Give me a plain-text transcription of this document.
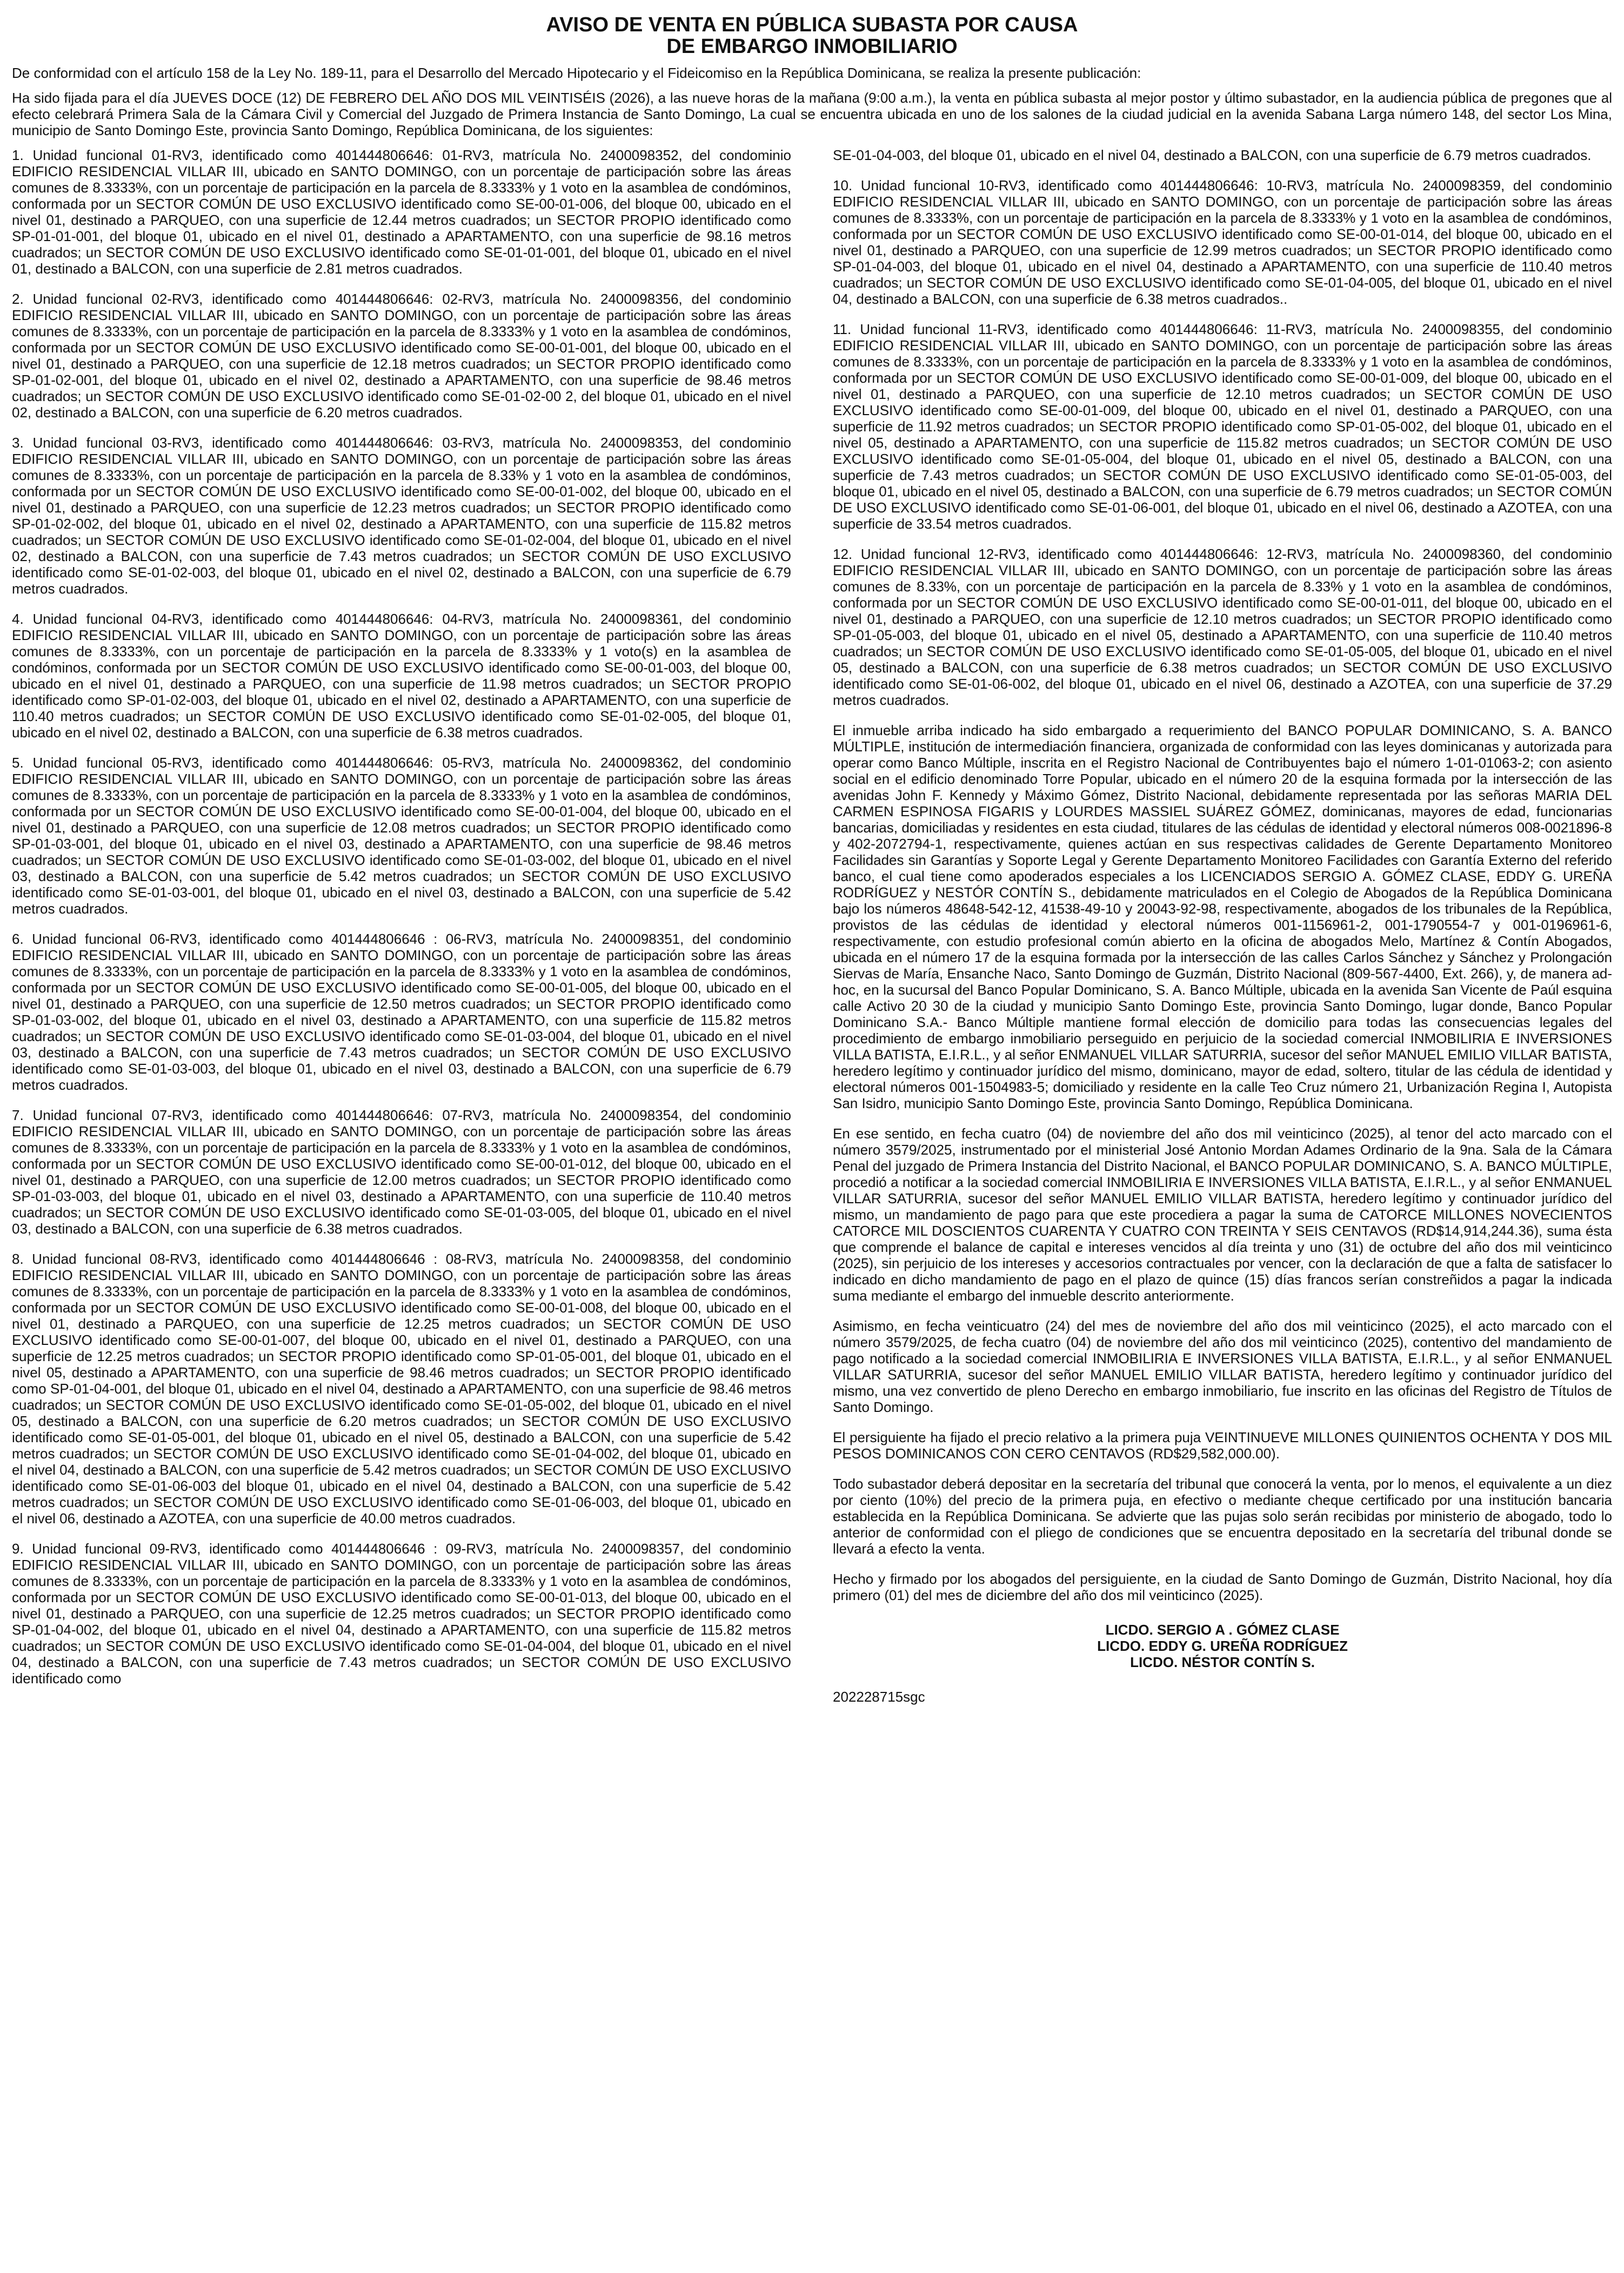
AVISO DE VENTA EN PÚBLICA SUBASTA POR CAUSA
DE EMBARGO INMOBILIARIO
De conformidad con el artículo 158 de la Ley No. 189-11, para el Desarrollo del Mercado Hipotecario y el Fideicomiso en la República Dominicana, se realiza la presente publicación:
Ha sido fijada para el día JUEVES DOCE (12) DE FEBRERO DEL AÑO DOS MIL VEINTISÉIS (2026), a las nueve horas de la mañana (9:00 a.m.), la venta en pública subasta al mejor postor y último subastador, en la audiencia pública de pregones que al efecto celebrará Primera Sala de la Cámara Civil y Comercial del Juzgado de Primera Instancia de Santo Domingo, La cual se encuentra ubicada en uno de los salones de la ciudad judicial en la avenida Sabana Larga número 148, del sector Los Mina, municipio de Santo Domingo Este, provincia Santo Domingo, República Dominicana, de los siguientes:
1. Unidad funcional 01-RV3, identificado como 401444806646: 01-RV3, matrícula No. 2400098352, del condominio EDIFICIO RESIDENCIAL VILLAR III, ubicado en SANTO DOMINGO, con un porcentaje de participación sobre las áreas comunes de 8.3333%, con un porcentaje de participación en la parcela de 8.3333% y 1 voto en la asamblea de condóminos, conformada por un SECTOR COMÚN DE USO EXCLUSIVO identificado como SE-00-01-006, del bloque 00, ubicado en el nivel 01, destinado a PARQUEO, con una superficie de 12.44 metros cuadrados; un SECTOR PROPIO identificado como SP-01-01-001, del bloque 01, ubicado en el nivel 01, destinado a APARTAMENTO, con una superficie de 98.16 metros cuadrados; un SECTOR COMÚN DE USO EXCLUSIVO identificado como SE-01-01-001, del bloque 01, ubicado en el nivel 01, destinado a BALCON, con una superficie de 2.81 metros cuadrados.
2. Unidad funcional 02-RV3, identificado como 401444806646: 02-RV3, matrícula No. 2400098356, del condominio EDIFICIO RESIDENCIAL VILLAR III, ubicado en SANTO DOMINGO, con un porcentaje de participación sobre las áreas comunes de 8.3333%, con un porcentaje de participación en la parcela de 8.3333% y 1 voto en la asamblea de condóminos, conformada por un SECTOR COMÚN DE USO EXCLUSIVO identificado como SE-00-01-001, del bloque 00, ubicado en el nivel 01, destinado a PARQUEO, con una superficie de 12.18 metros cuadrados; un SECTOR PROPIO identificado como SP-01-02-001, del bloque 01, ubicado en el nivel 02, destinado a APARTAMENTO, con una superficie de 98.46 metros cuadrados; un SECTOR COMÚN DE USO EXCLUSIVO identificado como SE-01-02-00 2, del bloque 01, ubicado en el nivel 02, destinado a BALCON, con una superficie de 6.20 metros cuadrados.
3. Unidad funcional 03-RV3, identificado como 401444806646: 03-RV3, matrícula No. 2400098353, del condominio EDIFICIO RESIDENCIAL VILLAR III, ubicado en SANTO DOMINGO, con un porcentaje de participación sobre las áreas comunes de 8.3333%, con un porcentaje de participación en la parcela de 8.33% y 1 voto en la asamblea de condóminos, conformada por un SECTOR COMÚN DE USO EXCLUSIVO identificado como SE-00-01-002, del bloque 00, ubicado en el nivel 01, destinado a PARQUEO, con una superficie de 12.23 metros cuadrados; un SECTOR PROPIO identificado como SP-01-02-002, del bloque 01, ubicado en el nivel 02, destinado a APARTAMENTO, con una superficie de 115.82 metros cuadrados; un SECTOR COMÚN DE USO EXCLUSIVO identificado como SE-01-02-004, del bloque 01, ubicado en el nivel 02, destinado a BALCON, con una superficie de 7.43 metros cuadrados; un SECTOR COMÚN DE USO EXCLUSIVO identificado como SE-01-02-003, del bloque 01, ubicado en el nivel 02, destinado a BALCON, con una superficie de 6.79 metros cuadrados.
4. Unidad funcional 04-RV3, identificado como 401444806646: 04-RV3, matrícula No. 2400098361, del condominio EDIFICIO RESIDENCIAL VILLAR III, ubicado en SANTO DOMINGO, con un porcentaje de participación sobre las áreas comunes de 8.3333%, con un porcentaje de participación en la parcela de 8.3333% y 1 voto(s) en la asamblea de condóminos, conformada por un SECTOR COMÚN DE USO EXCLUSIVO identificado como SE-00-01-003, del bloque 00, ubicado en el nivel 01, destinado a PARQUEO, con una superficie de 11.98 metros cuadrados; un SECTOR PROPIO identificado como SP-01-02-003, del bloque 01, ubicado en el nivel 02, destinado a APARTAMENTO, con una superficie de 110.40 metros cuadrados; un SECTOR COMÚN DE USO EXCLUSIVO identificado como SE-01-02-005, del bloque 01, ubicado en el nivel 02, destinado a BALCON, con una superficie de 6.38 metros cuadrados.
5. Unidad funcional 05-RV3, identificado como 401444806646: 05-RV3, matrícula No. 2400098362, del condominio EDIFICIO RESIDENCIAL VILLAR III, ubicado en SANTO DOMINGO, con un porcentaje de participación sobre las áreas comunes de 8.3333%, con un porcentaje de participación en la parcela de 8.3333% y 1 voto en la asamblea de condóminos, conformada por un SECTOR COMÚN DE USO EXCLUSIVO identificado como SE-00-01-004, del bloque 00, ubicado en el nivel 01, destinado a PARQUEO, con una superficie de 12.08 metros cuadrados; un SECTOR PROPIO identificado como SP-01-03-001, del bloque 01, ubicado en el nivel 03, destinado a APARTAMENTO, con una superficie de 98.46 metros cuadrados; un SECTOR COMÚN DE USO EXCLUSIVO identificado como SE-01-03-002, del bloque 01, ubicado en el nivel 03, destinado a BALCON, con una superficie de 5.42 metros cuadrados; un SECTOR COMÚN DE USO EXCLUSIVO identificado como SE-01-03-001, del bloque 01, ubicado en el nivel 03, destinado a BALCON, con una superficie de 5.42 metros cuadrados.
6. Unidad funcional 06-RV3, identificado como 401444806646 : 06-RV3, matrícula No. 2400098351, del condominio EDIFICIO RESIDENCIAL VILLAR III, ubicado en SANTO DOMINGO, con un porcentaje de participación sobre las áreas comunes de 8.3333%, con un porcentaje de participación en la parcela de 8.3333% y 1 voto en la asamblea de condóminos, conformada por un SECTOR COMÚN DE USO EXCLUSIVO identificado como SE-00-01-005, del bloque 00, ubicado en el nivel 01, destinado a PARQUEO, con una superficie de 12.50 metros cuadrados; un SECTOR PROPIO identificado como SP-01-03-002, del bloque 01, ubicado en el nivel 03, destinado a APARTAMENTO, con una superficie de 115.82 metros cuadrados; un SECTOR COMÚN DE USO EXCLUSIVO identificado como SE-01-03-004, del bloque 01, ubicado en el nivel 03, destinado a BALCON, con una superficie de 7.43 metros cuadrados; un SECTOR COMÚN DE USO EXCLUSIVO identificado como SE-01-03-003, del bloque 01, ubicado en el nivel 03, destinado a BALCON, con una superficie de 6.79 metros cuadrados.
7. Unidad funcional 07-RV3, identificado como 401444806646: 07-RV3, matrícula No. 2400098354, del condominio EDIFICIO RESIDENCIAL VILLAR III, ubicado en SANTO DOMINGO, con un porcentaje de participación sobre las áreas comunes de 8.3333%, con un porcentaje de participación en la parcela de 8.3333% y 1 voto en la asamblea de condóminos, conformada por un SECTOR COMÚN DE USO EXCLUSIVO identificado como SE-00-01-012, del bloque 00, ubicado en el nivel 01, destinado a PARQUEO, con una superficie de 12.00 metros cuadrados; un SECTOR PROPIO identificado como SP-01-03-003, del bloque 01, ubicado en el nivel 03, destinado a APARTAMENTO, con una superficie de 110.40 metros cuadrados; un SECTOR COMÚN DE USO EXCLUSIVO identificado como SE-01-03-005, del bloque 01, ubicado en el nivel 03, destinado a BALCON, con una superficie de 6.38 metros cuadrados.
8. Unidad funcional 08-RV3, identificado como 401444806646 : 08-RV3, matrícula No. 2400098358, del condominio EDIFICIO RESIDENCIAL VILLAR III, ubicado en SANTO DOMINGO, con un porcentaje de participación sobre las áreas comunes de 8.3333%, con un porcentaje de participación en la parcela de 8.3333% y 1 voto en la asamblea de condóminos, conformada por un SECTOR COMÚN DE USO EXCLUSIVO identificado como SE-00-01-008, del bloque 00, ubicado en el nivel 01, destinado a PARQUEO, con una superficie de 12.25 metros cuadrados; un SECTOR COMÚN DE USO EXCLUSIVO identificado como SE-00-01-007, del bloque 00, ubicado en el nivel 01, destinado a PARQUEO, con una superficie de 12.25 metros cuadrados; un SECTOR PROPIO identificado como SP-01-05-001, del bloque 01, ubicado en el nivel 05, destinado a APARTAMENTO, con una superficie de 98.46 metros cuadrados; un SECTOR PROPIO identificado como SP-01-04-001, del bloque 01, ubicado en el nivel 04, destinado a APARTAMENTO, con una superficie de 98.46 metros cuadrados; un SECTOR COMÚN DE USO EXCLUSIVO identificado como SE-01-05-002, del bloque 01, ubicado en el nivel 05, destinado a BALCON, con una superficie de 6.20 metros cuadrados; un SECTOR COMÚN DE USO EXCLUSIVO identificado como SE-01-05-001, del bloque 01, ubicado en el nivel 05, destinado a BALCON, con una superficie de 5.42 metros cuadrados; un SECTOR COMÚN DE USO EXCLUSIVO identificado como SE-01-04-002, del bloque 01, ubicado en el nivel 04, destinado a BALCON, con una superficie de 5.42 metros cuadrados; un SECTOR COMÚN DE USO EXCLUSIVO identificado como SE-01-06-003 del bloque 01, ubicado en el nivel 04, destinado a BALCON, con una superficie de 5.42 metros cuadrados; un SECTOR COMÚN DE USO EXCLUSIVO identificado como SE-01-06-003, del bloque 01, ubicado en el nivel 06, destinado a AZOTEA, con una superficie de 40.00 metros cuadrados.
9. Unidad funcional 09-RV3, identificado como 401444806646 : 09-RV3, matrícula No. 2400098357, del condominio EDIFICIO RESIDENCIAL VILLAR III, ubicado en SANTO DOMINGO, con un porcentaje de participación sobre las áreas comunes de 8.3333%, con un porcentaje de participación en la parcela de 8.3333% y 1 voto en la asamblea de condóminos, conformada por un SECTOR COMÚN DE USO EXCLUSIVO identificado como SE-00-01-013, del bloque 00, ubicado en el nivel 01, destinado a PARQUEO, con una superficie de 12.25 metros cuadrados; un SECTOR PROPIO identificado como SP-01-04-002, del bloque 01, ubicado en el nivel 04, destinado a APARTAMENTO, con una superficie de 115.82 metros cuadrados; un SECTOR COMÚN DE USO EXCLUSIVO identificado como SE-01-04-004, del bloque 01, ubicado en el nivel 04, destinado a BALCON, con una superficie de 7.43 metros cuadrados; un SECTOR COMÚN DE USO EXCLUSIVO identificado como
SE-01-04-003, del bloque 01, ubicado en el nivel 04, destinado a BALCON, con una superficie de 6.79 metros cuadrados.
10. Unidad funcional 10-RV3, identificado como 401444806646: 10-RV3, matrícula No. 2400098359, del condominio EDIFICIO RESIDENCIAL VILLAR III, ubicado en SANTO DOMINGO, con un porcentaje de participación sobre las áreas comunes de 8.3333%, con un porcentaje de participación en la parcela de 8.3333% y 1 voto en la asamblea de condóminos, conformada por un SECTOR COMÚN DE USO EXCLUSIVO identificado como SE-00-01-014, del bloque 00, ubicado en el nivel 01, destinado a PARQUEO, con una superficie de 12.99 metros cuadrados; un SECTOR PROPIO identificado como SP-01-04-003, del bloque 01, ubicado en el nivel 04, destinado a APARTAMENTO, con una superficie de 110.40 metros cuadrados; un SECTOR COMÚN DE USO EXCLUSIVO identificado como SE-01-04-005, del bloque 01, ubicado en el nivel 04, destinado a BALCON, con una superficie de 6.38 metros cuadrados..
11. Unidad funcional 11-RV3, identificado como 401444806646: 11-RV3, matrícula No. 2400098355, del condominio EDIFICIO RESIDENCIAL VILLAR III, ubicado en SANTO DOMINGO, con un porcentaje de participación sobre las áreas comunes de 8.3333%, con un porcentaje de participación en la parcela de 8.3333% y 1 voto en la asamblea de condóminos, conformada por un SECTOR COMÚN DE USO EXCLUSIVO identificado como SE-00-01-009, del bloque 00, ubicado en el nivel 01, destinado a PARQUEO, con una superficie de 12.10 metros cuadrados; un SECTOR COMÚN DE USO EXCLUSIVO identificado como SE-00-01-009, del bloque 00, ubicado en el nivel 01, destinado a PARQUEO, con una superficie de 11.92 metros cuadrados; un SECTOR PROPIO identificado como SP-01-05-002, del bloque 01, ubicado en el nivel 05, destinado a APARTAMENTO, con una superficie de 115.82 metros cuadrados; un SECTOR COMÚN DE USO EXCLUSIVO identificado como SE-01-05-004, del bloque 01, ubicado en el nivel 05, destinado a BALCON, con una superficie de 7.43 metros cuadrados; un SECTOR COMÚN DE USO EXCLUSIVO identificado como SE-01-05-003, del bloque 01, ubicado en el nivel 05, destinado a BALCON, con una superficie de 6.79 metros cuadrados; un SECTOR COMÚN DE USO EXCLUSIVO identificado como SE-01-06-001, del bloque 01, ubicado en el nivel 06, destinado a AZOTEA, con una superficie de 33.54 metros cuadrados.
12. Unidad funcional 12-RV3, identificado como 401444806646: 12-RV3, matrícula No. 2400098360, del condominio EDIFICIO RESIDENCIAL VILLAR III, ubicado en SANTO DOMINGO, con un porcentaje de participación sobre las áreas comunes de 8.33%, con un porcentaje de participación en la parcela de 8.33% y 1 voto en la asamblea de condóminos, conformada por un SECTOR COMÚN DE USO EXCLUSIVO identificado como SE-00-01-011, del bloque 00, ubicado en el nivel 01, destinado a PARQUEO, con una superficie de 12.10 metros cuadrados; un SECTOR PROPIO identificado como SP-01-05-003, del bloque 01, ubicado en el nivel 05, destinado a APARTAMENTO, con una superficie de 110.40 metros cuadrados; un SECTOR COMÚN DE USO EXCLUSIVO identificado como SE-01-05-005, del bloque 01, ubicado en el nivel 05, destinado a BALCON, con una superficie de 6.38 metros cuadrados; un SECTOR COMÚN DE USO EXCLUSIVO identificado como SE-01-06-002, del bloque 01, ubicado en el nivel 06, destinado a AZOTEA, con una superficie de 37.29 metros cuadrados.
El inmueble arriba indicado ha sido embargado a requerimiento del BANCO POPULAR DOMINICANO, S. A. BANCO MÚLTIPLE, institución de intermediación financiera, organizada de conformidad con las leyes dominicanas y autorizada para operar como Banco Múltiple, inscrita en el Registro Nacional de Contribuyentes bajo el número 1-01-01063-2; con asiento social en el edificio denominado Torre Popular, ubicado en el número 20 de la esquina formada por la intersección de las avenidas John F. Kennedy y Máximo Gómez, Distrito Nacional, debidamente representada por las señoras MARIA DEL CARMEN ESPINOSA FIGARIS y LOURDES MASSIEL SUÁREZ GÓMEZ, dominicanas, mayores de edad, funcionarias bancarias, domiciliadas y residentes en esta ciudad, titulares de las cédulas de identidad y electoral números 008-0021896-8 y 402-2072794-1, respectivamente, quienes actúan en sus respectivas calidades de Gerente Departamento Monitoreo Facilidades sin Garantías y Soporte Legal y Gerente Departamento Monitoreo Facilidades con Garantía Externo del referido banco, el cual tiene como apoderados especiales a los LICENCIADOS SERGIO A. GÓMEZ CLASE, EDDY G. UREÑA RODRÍGUEZ y NESTÓR CONTÍN S., debidamente matriculados en el Colegio de Abogados de la República Dominicana bajo los números 48648-542-12, 41538-49-10 y 20043-92-98, respectivamente, abogados de los tribunales de la República, provistos de las cédulas de identidad y electoral números 001-1156961-2, 001-1790554-7 y 001-0196961-6, respectivamente, con estudio profesional común abierto en la oficina de abogados Melo, Martínez & Contín Abogados, ubicada en el número 17 de la esquina formada por la intersección de las calles Carlos Sánchez y Sánchez y Prolongación Siervas de María, Ensanche Naco, Santo Domingo de Guzmán, Distrito Nacional (809-567-4400, Ext. 266), y, de manera ad-hoc, en la sucursal del Banco Popular Dominicano, S. A. Banco Múltiple, ubicada en la avenida San Vicente de Paúl esquina calle Activo 20 30 de la ciudad y municipio Santo Domingo Este, provincia Santo Domingo, lugar donde, Banco Popular Dominicano S.A.- Banco Múltiple mantiene formal elección de domicilio para todas las consecuencias legales del procedimiento de embargo inmobiliario perseguido en perjuicio de la sociedad comercial INMOBILIRIA E INVERSIONES VILLA BATISTA, E.I.R.L., y al señor ENMANUEL VILLAR SATURRIA, sucesor del señor MANUEL EMILIO VILLAR BATISTA, heredero legítimo y continuador jurídico del mismo, dominicano, mayor de edad, soltero, titular de las cédula de identidad y electoral números 001-1504983-5; domiciliado y residente en la calle Teo Cruz número 21, Urbanización Regina I, Autopista San Isidro, municipio Santo Domingo Este, provincia Santo Domingo, República Dominicana.
En ese sentido, en fecha cuatro (04) de noviembre del año dos mil veinticinco (2025), al tenor del acto marcado con el número 3579/2025, instrumentado por el ministerial José Antonio Mordan Adames Ordinario de la 9na. Sala de la Cámara Penal del juzgado de Primera Instancia del Distrito Nacional, el BANCO POPULAR DOMINICANO, S. A. BANCO MÚLTIPLE, procedió a notificar a la sociedad comercial INMOBILIRIA E INVERSIONES VILLA BATISTA, E.I.R.L., y al señor ENMANUEL VILLAR SATURRIA, sucesor del señor MANUEL EMILIO VILLAR BATISTA, heredero legítimo y continuador jurídico del mismo, un mandamiento de pago para que este procediera a pagar la suma de CATORCE MILLONES NOVECIENTOS CATORCE MIL DOSCIENTOS CUARENTA Y CUATRO CON TREINTA Y SEIS CENTAVOS (RD$14,914,244.36), suma ésta que comprende el balance de capital e intereses vencidos al día treinta y uno (31) de octubre del año dos mil veinticinco (2025), sin perjuicio de los intereses y accesorios contractuales por vencer, con la declaración de que a falta de satisfacer lo indicado en dicho mandamiento de pago en el plazo de quince (15) días francos serían constreñidos a pagar la indicada suma mediante el embargo del inmueble descrito anteriormente.
Asimismo, en fecha veinticuatro (24) del mes de noviembre del año dos mil veinticinco (2025), el acto marcado con el número 3579/2025, de fecha cuatro (04) de noviembre del año dos mil veinticinco (2025), contentivo del mandamiento de pago notificado a la sociedad comercial INMOBILIRIA E INVERSIONES VILLA BATISTA, E.I.R.L., y al señor ENMANUEL VILLAR SATURRIA, sucesor del señor MANUEL EMILIO VILLAR BATISTA, heredero legítimo y continuador jurídico del mismo, una vez convertido de pleno Derecho en embargo inmobiliario, fue inscrito en las oficinas del Registro de Títulos de Santo Domingo.
El persiguiente ha fijado el precio relativo a la primera puja VEINTINUEVE MILLONES QUINIENTOS OCHENTA Y DOS MIL PESOS DOMINICANOS CON CERO CENTAVOS (RD$29,582,000.00).
Todo subastador deberá depositar en la secretaría del tribunal que conocerá la venta, por lo menos, el equivalente a un diez por ciento (10%) del precio de la primera puja, en efectivo o mediante cheque certificado por una institución bancaria establecida en la República Dominicana. Se advierte que las pujas solo serán recibidas por ministerio de abogado, todo lo anterior de conformidad con el pliego de condiciones que se encuentra depositado en la secretaría del tribunal donde se llevará a efecto la venta.
Hecho y firmado por los abogados del persiguiente, en la ciudad de Santo Domingo de Guzmán, Distrito Nacional, hoy día primero (01) del mes de diciembre del año dos mil veinticinco (2025).
LICDO. SERGIO A . GÓMEZ CLASE
LICDO. EDDY G. UREÑA RODRÍGUEZ
LICDO. NÉSTOR CONTÍN S.
202228715sgc
